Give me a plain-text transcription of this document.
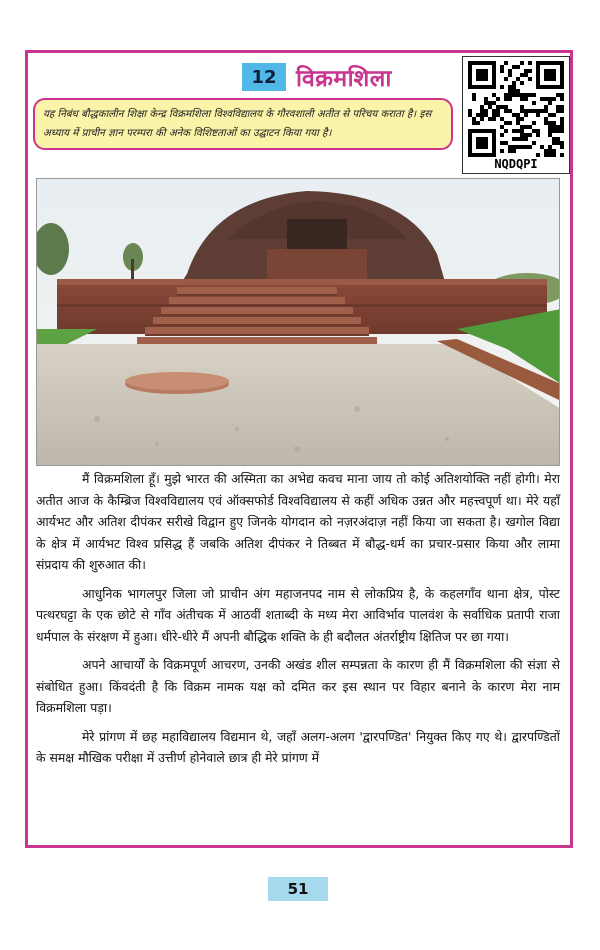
12 विक्रमशिला
यह निबंध बौद्धकालीन शिक्षा केन्द्र विक्रमशिला विश्वविद्यालय के गौरवशाली अतीत से परिचय कराता है। इस अध्याय में प्राचीन ज्ञान परम्परा की अनेक विशिष्टताओं का उद्घाटन किया गया है।
NQDQPI

मैं विक्रमशिला हूँ। मुझे भारत की अस्मिता का अभेद्य कवच माना जाय तो कोई अतिशयोक्ति नहीं होगी। मेरा अतीत आज के कैम्ब्रिज विश्वविद्यालय एवं ऑक्सफोर्ड विश्वविद्यालय से कहीं अधिक उन्नत और महत्त्वपूर्ण था। मेरे यहाँ आर्यभट और अतिश दीपंकर सरीखे विद्वान हुए जिनके योगदान को नज़रअंदाज़ नहीं किया जा सकता है। खगोल विद्या के क्षेत्र में आर्यभट विश्व प्रसिद्ध हैं जबकि अतिश दीपंकर ने तिब्बत में बौद्ध-धर्म का प्रचार-प्रसार किया और लामा संप्रदाय की शुरुआत की।

आधुनिक भागलपुर जिला जो प्राचीन अंग महाजनपद नाम से लोकप्रिय है, के कहलगाँव थाना क्षेत्र, पोस्ट पत्थरघट्टा के एक छोटे से गाँव अंतीचक में आठवीं शताब्दी के मध्य मेरा आविर्भाव पालवंश के सर्वाधिक प्रतापी राजा धर्मपाल के संरक्षण में हुआ। धीरे-धीरे मैं अपनी बौद्धिक शक्ति के ही बदौलत अंतर्राष्ट्रीय क्षितिज पर छा गया।

अपने आचार्यों के विक्रमपूर्ण आचरण, उनकी अखंड शील सम्पन्नता के कारण ही मैं विक्रमशिला की संज्ञा से संबोधित हुआ। किंवदंती है कि विक्रम नामक यक्ष को दमित कर इस स्थान पर विहार बनाने के कारण मेरा नाम विक्रमशिला पड़ा।

मेरे प्रांगण में छह महाविद्यालय विद्यमान थे, जहाँ अलग-अलग 'द्वारपण्डित' नियुक्त किए गए थे। द्वारपण्डितों के समक्ष मौखिक परीक्षा में उत्तीर्ण होनेवाले छात्र ही मेरे प्रांगण में

51
